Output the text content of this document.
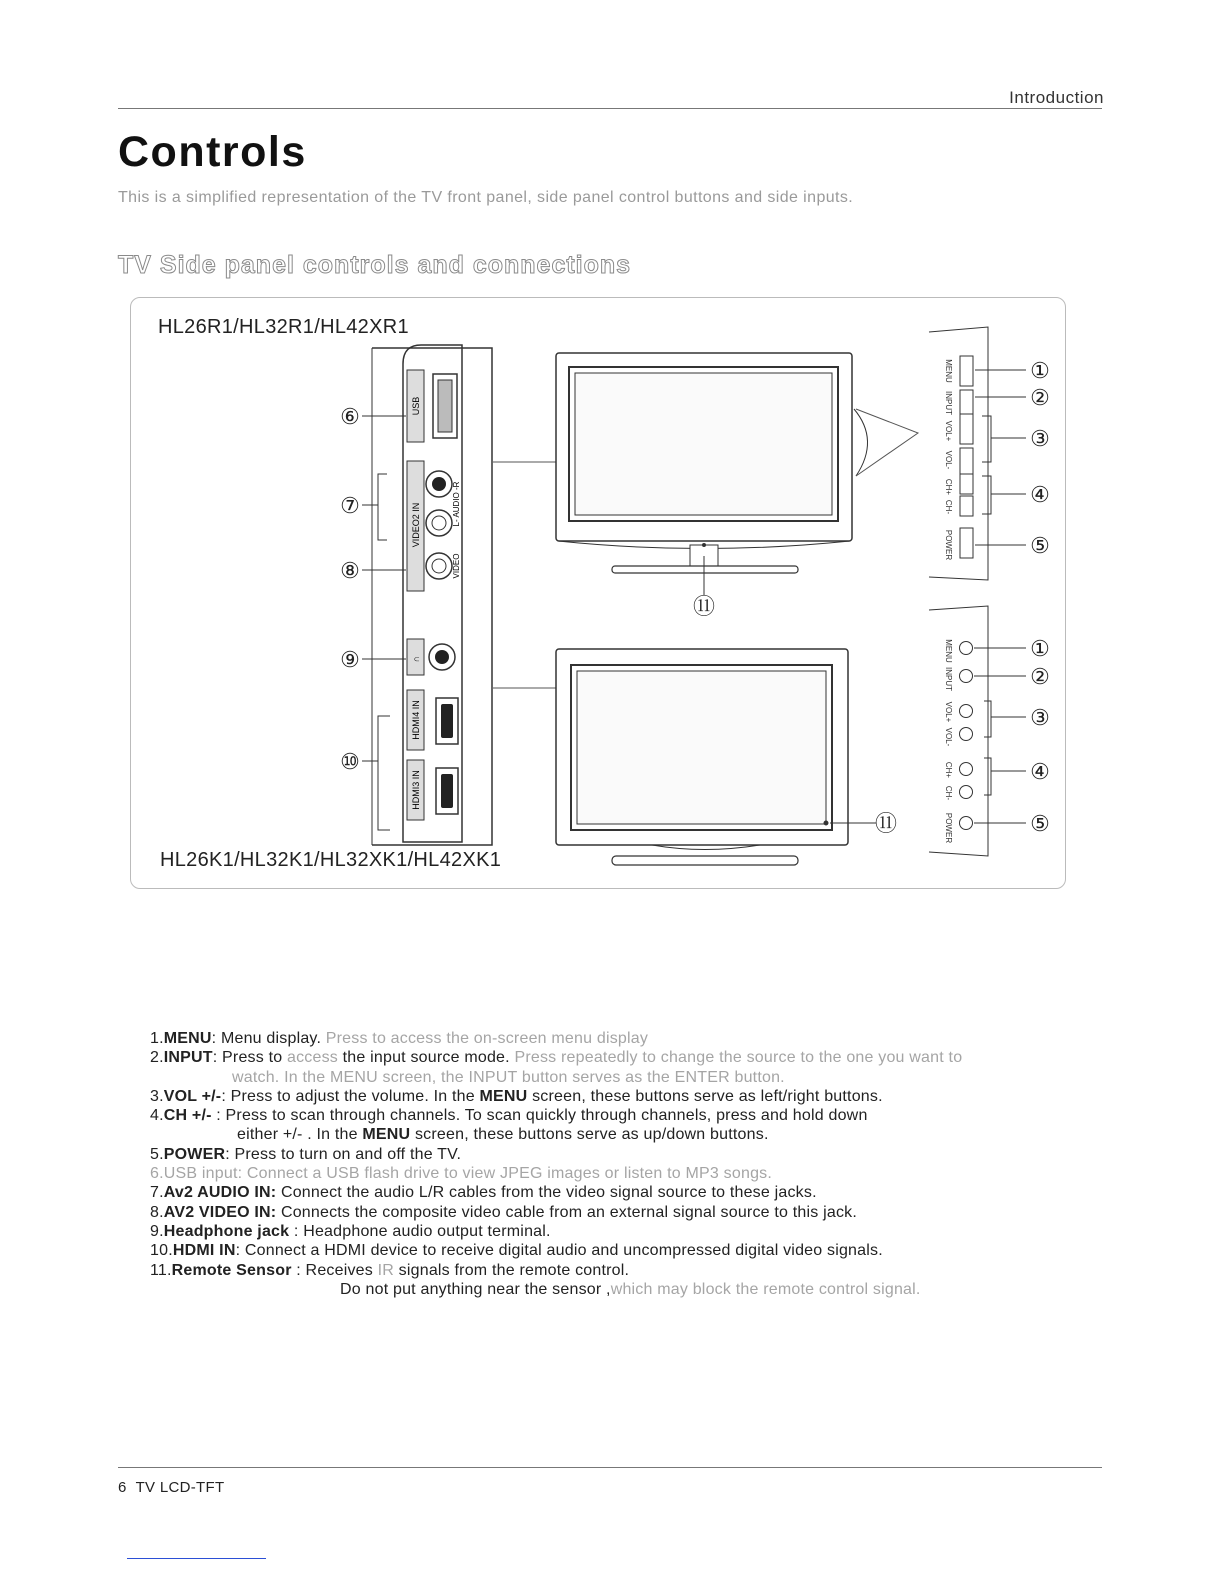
Introduction
Controls
This is a simplified representation of the TV front panel, side panel control buttons and side inputs.
TV Side panel controls and connections
HL26R1/HL32R1/HL42XR1
HL26K1/HL32K1/HL32XK1/HL42XK1
USB
VIDEO2 IN	L- AUDIO -R
VIDEO
∩
HDMI4 IN
HDMI3 IN
⑥
⑦
⑧
⑨
⑩
⑪
⑪
MENU
INPUT
VOL+
VOL-
CH+
CH-
POWER
①
②
③
④
⑤
MENU
INPUT
VOL+
VOL-
CH+
CH-
POWER
①
②
③
④
⑤
1.MENU: Menu display. Press to access the on-screen menu display
2.INPUT: Press to access the input source mode. Press repeatedly to change the source to the one you want to
watch. In the MENU screen, the INPUT button serves as the ENTER button.
3.VOL +/-: Press to adjust the volume. In the MENU screen, these buttons serve as left/right buttons.
4.CH +/- : Press to scan through channels. To scan quickly through channels, press and hold down
either +/- . In the MENU screen, these buttons serve as up/down buttons.
5.POWER: Press to turn on and off the TV.
6.USB input: Connect a USB flash drive to view JPEG images or listen to MP3 songs.
7.Av2 AUDIO IN: Connect the audio L/R cables from the video signal source to these jacks.
8.AV2 VIDEO IN: Connects the composite video cable from an external signal source to this jack.
9.Headphone jack : Headphone audio output terminal.
10.HDMI IN: Connect a HDMI device to receive digital audio and uncompressed digital video signals.
11.Remote Sensor : Receives IR signals from the remote control.
Do not put anything near the sensor ,which may block the remote control signal.
6 TV LCD-TFT
